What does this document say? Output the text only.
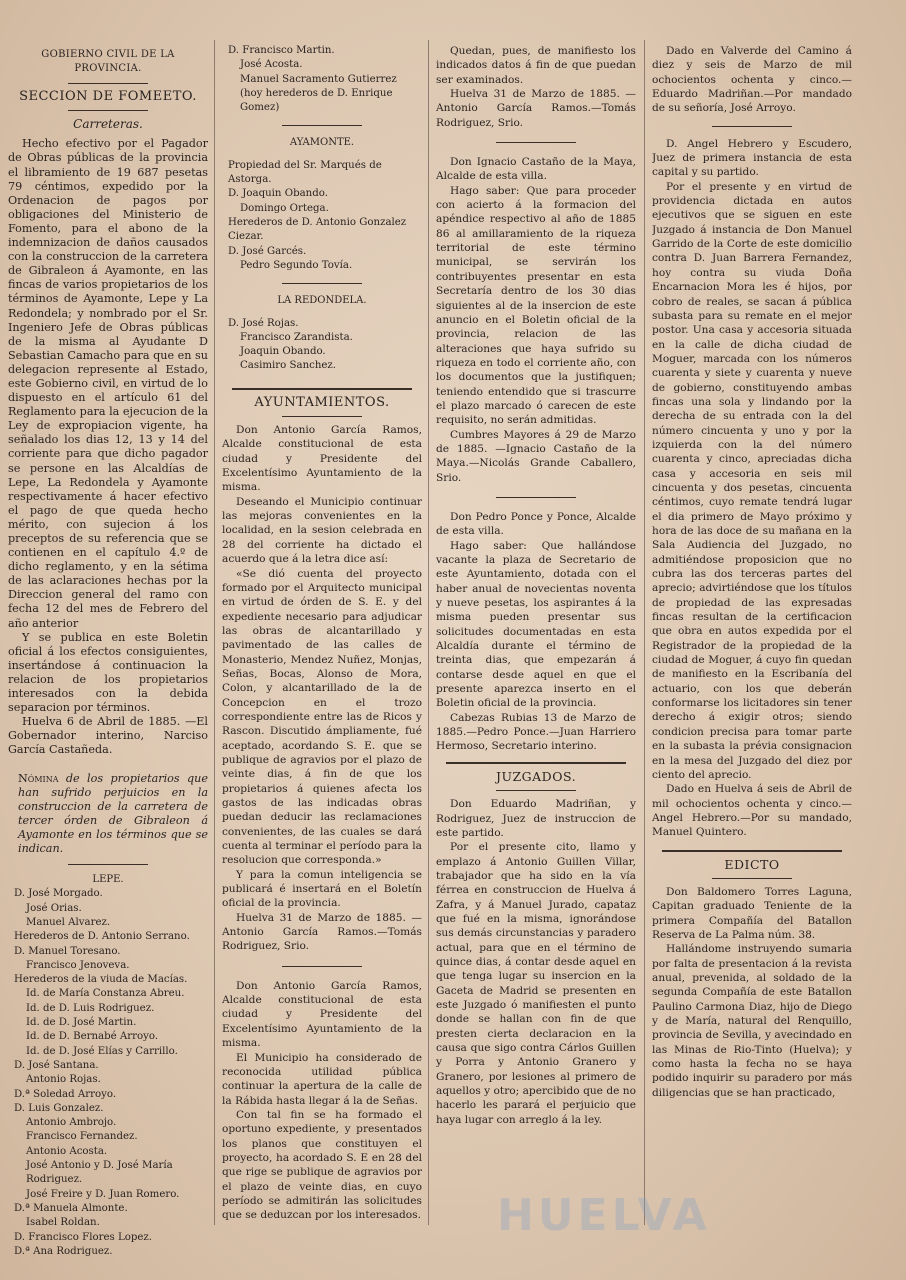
GOBIERNO CIVIL DE LA PROVINCIA.

SECCION DE FOMEETO.

Carreteras.

Hecho efectivo por el Pagador de Obras públicas de la provincia el libramiento de 19 687 pesetas 79 céntimos, expedido por la Ordenacion de pagos por obligaciones del Ministerio de Fomento, para el abono de la indemnizacion de daños causados con la construccion de la carretera de Gibraleon á Ayamonte, en las fincas de varios propietarios de los términos de Ayamonte, Lepe y La Redondela; y nombrado por el Sr. Ingeniero Jefe de Obras públicas de la misma al Ayudante D Sebastian Camacho para que en su delegacion represente al Estado, este Gobierno civil, en virtud de lo dispuesto en el artículo 61 del Reglamento para la ejecucion de la Ley de expropiacion vigente, ha señalado los dias 12, 13 y 14 del corriente para que dicho pagador se persone en las Alcaldías de Lepe, La Redondela y Ayamonte respectivamente á hacer efectivo el pago de que queda hecho mérito, con sujecion á los preceptos de su referencia que se contienen en el capítulo 4.º de dicho reglamento, y en la sétima de las aclaraciones hechas por la Direccion general del ramo con fecha 12 del mes de Febrero del año anterior

Y se publica en este Boletin oficial á los efectos consiguientes, insertándose á continuacion la relacion de los propietarios interesados con la debida separacion por términos.

Huelva 6 de Abril de 1885. —El Gobernador interino, Narciso García Castañeda.

Nómina de los propietarios que han sufrido perjuicios en la construccion de la carretera de tercer órden de Gibraleon á Ayamonte en los términos que se indican.

LEPE.

D. José Morgado.

José Orias.

Manuel Alvarez.

Herederos de D. Antonio Serrano.

D. Manuel Toresano.

Francisco Jenoveva.

Herederos de la viuda de Macías.

Id. de María Constanza Abreu.

Id. de D. Luis Rodriguez.

Id. de D. José Martin.

Id. de D. Bernabé Arroyo.

Id. de D. José Elías y Carrillo.

D. José Santana.

Antonio Rojas.

D.ª Soledad Arroyo.

D. Luis Gonzalez.

Antonio Ambrojo.

Francisco Fernandez.

Antonio Acosta.

José Antonio y D. José María Rodriguez.

José Freire y D. Juan Romero.

D.ª Manuela Almonte.

Isabel Roldan.

D. Francisco Flores Lopez.

D.ª Ana Rodriguez.

D. Francisco Martin.

José Acosta.

Manuel Sacramento Gutierrez (hoy herederos de D. Enrique Gomez)

AYAMONTE.

Propiedad del Sr. Marqués de Astorga.

D. Joaquin Obando.

Domingo Ortega.

Herederos de D. Antonio Gonzalez Ciezar.

D. José Garcés.

Pedro Segundo Tovía.

LA REDONDELA.

D. José Rojas.

Francisco Zarandista.

Joaquin Obando.

Casimiro Sanchez.

AYUNTAMIENTOS.

Don Antonio García Ramos, Alcalde constitucional de esta ciudad y Presidente del Excelentísimo Ayuntamiento de la misma.

Deseando el Municipio continuar las mejoras convenientes en la localidad, en la sesion celebrada en 28 del corriente ha dictado el acuerdo que á la letra dice así:

«Se dió cuenta del proyecto formado por el Arquitecto municipal en virtud de órden de S. E. y del expediente necesario para adjudicar las obras de alcantarillado y pavimentado de las calles de Monasterio, Mendez Nuñez, Monjas, Señas, Bocas, Alonso de Mora, Colon, y alcantarillado de la de Concepcion en el trozo correspondiente entre las de Ricos y Rascon. Discutido ámpliamente, fué aceptado, acordando S. E. que se publique de agravios por el plazo de veinte dias, á fin de que los propietarios á quienes afecta los gastos de las indicadas obras puedan deducir las reclamaciones convenientes, de las cuales se dará cuenta al terminar el período para la resolucion que corresponda.»

Y para la comun inteligencia se publicará é insertará en el Boletín oficial de la provincia.

Huelva 31 de Marzo de 1885. —Antonio García Ramos.—Tomás Rodriguez, Srio.

Don Antonio García Ramos, Alcalde constitucional de esta ciudad y Presidente del Excelentísimo Ayuntamiento de la misma.

El Municipio ha considerado de reconocida utilidad pública continuar la apertura de la calle de la Rábida hasta llegar á la de Señas.

Con tal fin se ha formado el oportuno expediente, y presentados los planos que constituyen el proyecto, ha acordado S. E en 28 del que rige se publique de agravios por el plazo de veinte dias, en cuyo período se admitirán las solicitudes que se deduzcan por los interesados.

Quedan, pues, de manifiesto los indicados datos á fin de que puedan ser examinados.

Huelva 31 de Marzo de 1885. —Antonio García Ramos.—Tomás Rodriguez, Srio.

Don Ignacio Castaño de la Maya, Alcalde de esta villa.

Hago saber: Que para proceder con acierto á la formacion del apéndice respectivo al año de 1885 86 al amillaramiento de la riqueza territorial de este término municipal, se servirán los contribuyentes presentar en esta Secretaría dentro de los 30 dias siguientes al de la insercion de este anuncio en el Boletin oficial de la provincia, relacion de las alteraciones que haya sufrido su riqueza en todo el corriente año, con los documentos que la justifiquen; teniendo entendido que si trascurre el plazo marcado ó carecen de este requisito, no serán admitidas.

Cumbres Mayores á 29 de Marzo de 1885. —Ignacio Castaño de la Maya.—Nicolás Grande Caballero, Srio.

Don Pedro Ponce y Ponce, Alcalde de esta villa.

Hago saber: Que hallándose vacante la plaza de Secretario de este Ayuntamiento, dotada con el haber anual de novecientas noventa y nueve pesetas, los aspirantes á la misma pueden presentar sus solicitudes documentadas en esta Alcaldía durante el término de treinta dias, que empezarán á contarse desde aquel en que el presente aparezca inserto en el Boletin oficial de la provincia.

Cabezas Rubias 13 de Marzo de 1885.—Pedro Ponce.—Juan Harriero Hermoso, Secretario interino.

JUZGADOS.

Don Eduardo Madriñan, y Rodriguez, Juez de instruccion de este partido.

Por el presente cito, llamo y emplazo á Antonio Guillen Villar, trabajador que ha sido en la vía férrea en construccion de Huelva á Zafra, y á Manuel Jurado, capataz que fué en la misma, ignorándose sus demás circunstancias y paradero actual, para que en el término de quince dias, á contar desde aquel en que tenga lugar su insercion en la Gaceta de Madrid se presenten en este Juzgado ó manifiesten el punto donde se hallan con fin de que presten cierta declaracion en la causa que sigo contra Cárlos Guillen y Porra y Antonio Granero y Granero, por lesiones al primero de aquellos y otro; apercibido que de no hacerlo les parará el perjuicio que haya lugar con arreglo á la ley.

Dado en Valverde del Camino á diez y seis de Marzo de mil ochocientos ochenta y cinco.—Eduardo Madriñan.—Por mandado de su señoría, José Arroyo.

D. Angel Hebrero y Escudero, Juez de primera instancia de esta capital y su partido.

Por el presente y en virtud de providencia dictada en autos ejecutivos que se siguen en este Juzgado á instancia de Don Manuel Garrido de la Corte de este domicilio contra D. Juan Barrera Fernandez, hoy contra su viuda Doña Encarnacion Mora les é hijos, por cobro de reales, se sacan á pública subasta para su remate en el mejor postor. Una casa y accesoria situada en la calle de dicha ciudad de Moguer, marcada con los números cuarenta y siete y cuarenta y nueve de gobierno, constituyendo ambas fincas una sola y lindando por la derecha de su entrada con la del número cincuenta y uno y por la izquierda con la del número cuarenta y cinco, apreciadas dicha casa y accesoria en seis mil cincuenta y dos pesetas, cincuenta céntimos, cuyo remate tendrá lugar el dia primero de Mayo próximo y hora de las doce de su mañana en la Sala Audiencia del Juzgado, no admitiéndose proposicion que no cubra las dos terceras partes del aprecio; advirtiéndose que los títulos de propiedad de las expresadas fincas resultan de la certificacion que obra en autos expedida por el Registrador de la propiedad de la ciudad de Moguer, á cuyo fin quedan de manifiesto en la Escribanía del actuario, con los que deberán conformarse los licitadores sin tener derecho á exigir otros; siendo condicion precisa para tomar parte en la subasta la prévia consignacion en la mesa del Juzgado del diez por ciento del aprecio.

Dado en Huelva á seis de Abril de mil ochocientos ochenta y cinco.—Angel Hebrero.—Por su mandado, Manuel Quintero.

EDICTO

Don Baldomero Torres Laguna, Capitan graduado Teniente de la primera Compañía del Batallon Reserva de La Palma núm. 38.

Hallándome instruyendo sumaria por falta de presentacion á la revista anual, prevenida, al soldado de la segunda Compañía de este Batallon Paulino Carmona Diaz, hijo de Diego y de María, natural del Renquillo, provincia de Sevilla, y avecindado en las Minas de Rio-Tinto (Huelva); y como hasta la fecha no se haya podido inquirir su paradero por más diligencias que se han practicado,

HUELVA
